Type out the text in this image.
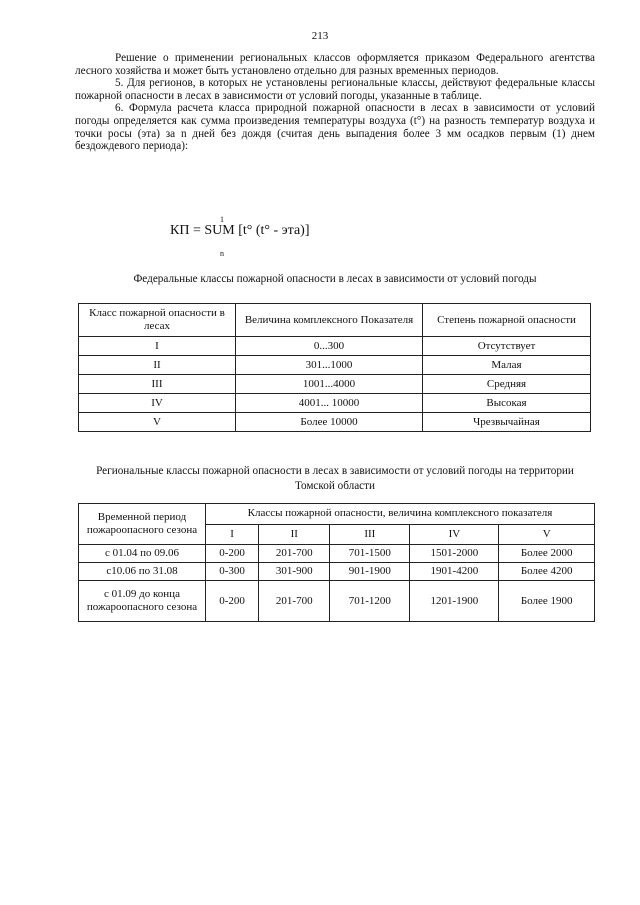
213

Решение о применении региональных классов оформляется приказом Федерального агентства лесного хозяйства и может быть установлено отдельно для разных временных периодов.

5. Для регионов, в которых не установлены региональные классы, действуют федеральные классы пожарной опасности в лесах в зависимости от условий погоды, указанные в таблице.

6. Формула расчета класса природной пожарной опасности в лесах в зависимости от условий погоды определяется как сумма произведения температуры воздуха (t°) на разность температур воздуха и точки росы (эта) за n дней без дождя (считая день выпадения более 3 мм осадков первым (1) днем бездождевого периода):

1
КП = SUM [t° (t° - эта)]
n
Федеральные классы пожарной опасности в лесах в зависимости от условий погоды
Класс пожарной опасности в лесах	Величина комплексного Показателя	Степень пожарной опасности
I	0...300	Отсутствует
II	301...1000	Малая
III	1001...4000	Средняя
IV	4001... 10000	Высокая
V	Более 10000	Чрезвычайная
Региональные классы пожарной опасности в лесах в зависимости от условий погоды на территории Томской области
Временной период пожароопасного сезона	Классы пожарной опасности, величина комплексного показателя				
	I	II	III	IV	V
с 01.04 по 09.06	0-200	201-700	701-1500	1501-2000	Более 2000
с10.06 по 31.08	0-300	301-900	901-1900	1901-4200	Более 4200
с 01.09 до конца пожароопасного сезона	0-200	201-700	701-1200	1201-1900	Более 1900
